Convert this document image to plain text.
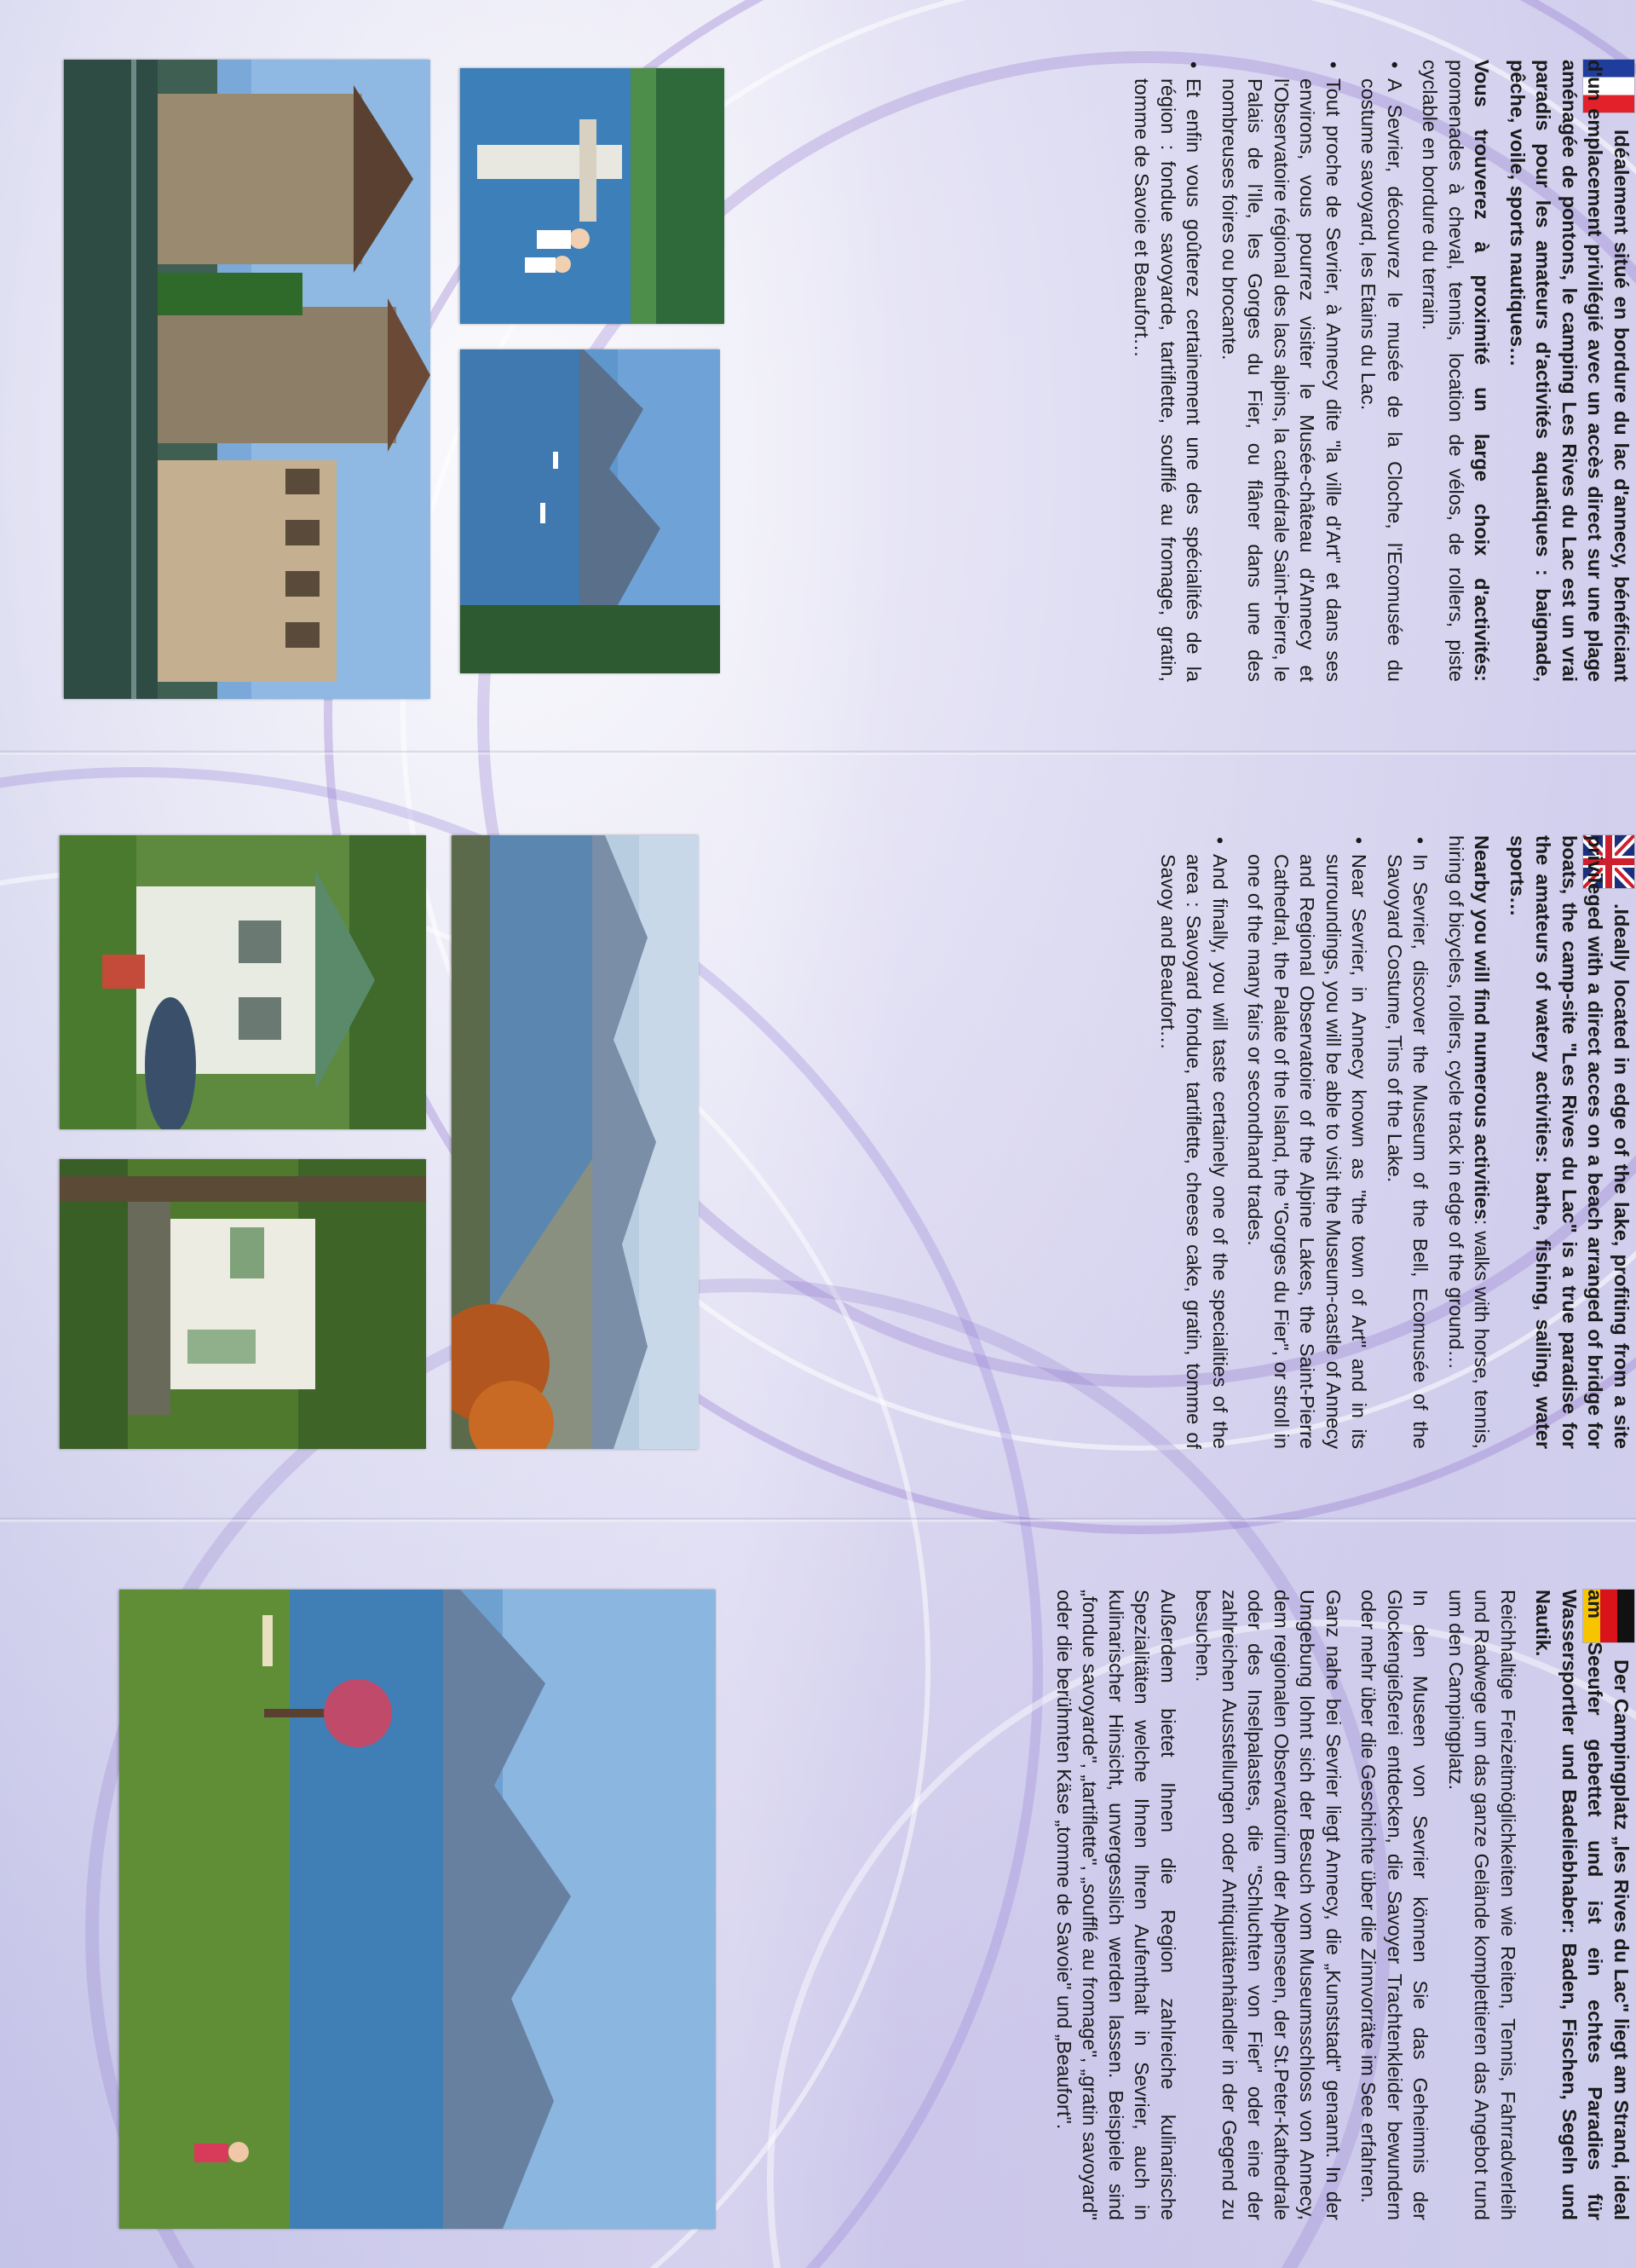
Idéalement situé en bordure du lac d'annecy, bénéficiant d'un emplacement privilégié avec un accès direct sur une plage aménagée de pontons, le camping Les Rives du Lac est un vrai paradis pour les amateurs d'activités aquatiques : baignade, pêche, voile, sports nautiques…

Vous trouverez à proximité un large choix d'activités: promenades à cheval, tennis, location de vélos, de rollers, piste cyclable en bordure du terrain.

• A Sevrier, découvrez le musée de la Cloche, l'Ecomusée du costume savoyard, les Etains du Lac.
• Tout proche de Sevrier, à Annecy dite "la ville d'Art" et dans ses environs, vous pourrez visiter le Musée-château d'Annecy et l'Observatoire régional des lacs alpins, la cathédrale Saint-Pierre, le Palais de l'Ile, les Gorges du Fier, ou flâner dans une des nombreuses foires ou brocante.
• Et enfin vous goûterez certainement une des spécialités de la région : fondue savoyarde, tartiflette, soufflé au fromage, gratin, tomme de Savoie et Beaufort…

.Ideally located in edge of the lake, profiting from a site privileged with a direct acces on a beach arranged of bridge for boats, the camp-site "Les Rives du Lac" is a true paradise for the amateurs of watery activities: bathe, fishing, sailing, water sports…

Nearby you will find numerous activities: walks with horse, tennis, hiring of bicycles, rollers, cycle track in edge of the ground…

• In Sevrier, discover the Museum of the Bell, Ecomusée of the Savoyard Costume, Tins of the Lake.
• Near Sevrier, in Annecy known as "the town of Art" and in its surroundings, you will be able to visit the Museum-castle of Annecy and Regional Observatoire of the Alpine Lakes, the Saint-Pierre Cathedral, the Palate of the Island, the "Gorges du Fier", or stroll in one of the many fairs or secondhand trades.
• And finally, you will taste certainely one of the specialities of the area : Savoyard fondue, tartiflette, cheese cake, gratin, tomme of Savoy and Beaufort…

Der Campingplatz „les Rives du Lac" liegt am Strand, ideal am Seeufer gebettet und ist ein echtes Paradies für Wassersportler und Badeliebhaber: Baden, Fischen, Segeln und Nautik.

Reichhaltige Freizeitmöglichkeiten wie Reiten, Tennis, Fahrradverleih und Radwege um das ganze Gelände komplettieren das Angebot rund um den Campingplatz.

In den Museen von Sevrier können Sie das Geheimnis der Glockengießerei entdecken, die Savoyer Trachtenkleider bewundern oder mehr über die Geschichte über die Zinnvorräte im See erfahren.

Ganz nahe bei Sevrier liegt Annecy, die „Kunststadt" genannt. In der Umgebung lohnt sich der Besuch vom Museumsschloss von Annecy, dem regionalen Observatorium der Alpenseen, der St.Peter-Kathedrale oder des Inselpalastes, die "Schluchten von Fier" oder eine der zahlreichen Ausstellungen oder Antiquitätenhändler in der Gegend zu besuchen.

Außerdem bietet Ihnen die Region zahlreiche kulinarische Spezialitäten welche Ihnen Ihren Aufenthalt in Sevrier, auch in kulinarischer Hinsicht, unvergesslich werden lassen. Beispiele sind „fondue savoyarde", „tartiflette", „soufflé au fromage", „gratin savoyard" oder die berühmten Käse „tomme de Savoie" und „Beaufort".
